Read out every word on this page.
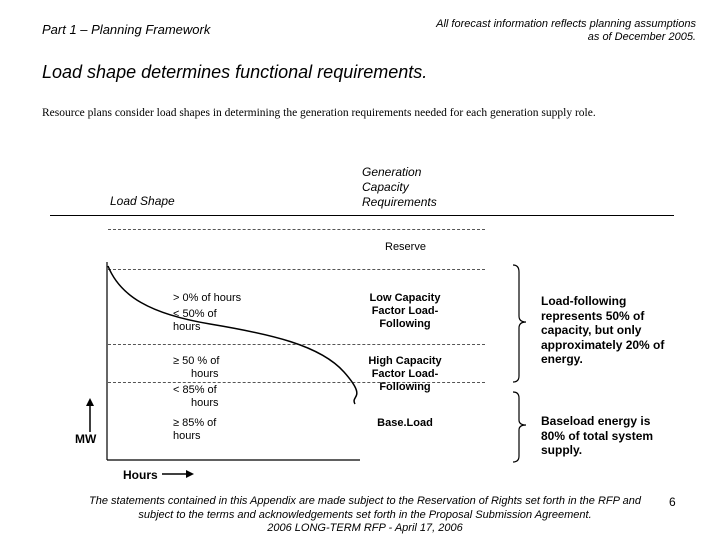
Part 1 – Planning Framework	All forecast information reflects planning assumptions as of December 2005.
Load shape determines functional requirements.
Resource plans consider load shapes in determining the generation requirements needed for each generation supply role.
Load Shape
Generation
Capacity
Requirements
Reserve
> 0% of hours
< 50% of
hours
Low Capacity Factor Load-Following
≥ 50 % of
hours
< 85% of
hours
High Capacity Factor Load-Following
≥ 85% of
hours
Base.Load
Load-following represents 50% of capacity, but only approximately 20% of energy.
Baseload energy is 80% of total system supply.
MW
Hours
The statements contained in this Appendix are made subject to the Reservation of Rights set forth in the RFP and subject to the terms and acknowledgements set forth in the Proposal Submission Agreement.
2006 LONG-TERM RFP - April 17, 2006
6
